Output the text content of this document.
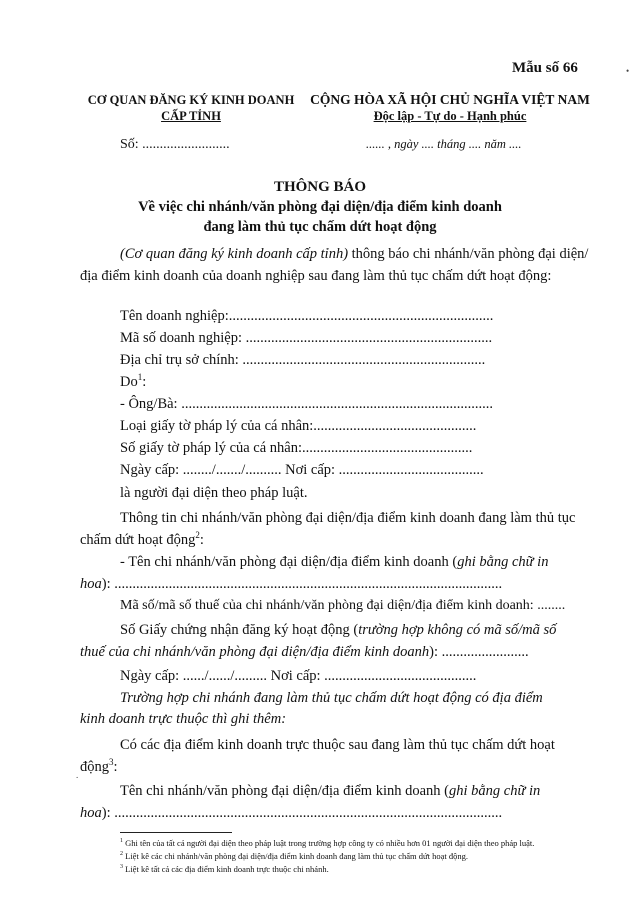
•
.
Mẫu số 66
CƠ QUAN ĐĂNG KÝ KINH DOANH
CẤP TỈNH
CỘNG HÒA XÃ HỘI CHỦ NGHĨA VIỆT NAM
Độc lập - Tự do - Hạnh phúc
Số: .........................	...... , ngày .... tháng .... năm ....
THÔNG BÁO
Về việc chi nhánh/văn phòng đại diện/địa điểm kinh doanh
đang làm thủ tục chấm dứt hoạt động
(Cơ quan đăng ký kinh doanh cấp tỉnh) thông báo chi nhánh/văn phòng đại diện/địa điểm kinh doanh của doanh nghiệp sau đang làm thủ tục chấm dứt hoạt động:
Tên doanh nghiệp:.........................................................................
Mã số doanh nghiệp: ....................................................................
Địa chỉ trụ sở chính: ...................................................................
Do$^1$:
- Ông/Bà: ......................................................................................
Loại giấy tờ pháp lý của cá nhân:.............................................
Số giấy tờ pháp lý của cá nhân:...............................................
Ngày cấp: ......../......./.......... Nơi cấp: ........................................
là người đại diện theo pháp luật.
Thông tin chi nhánh/văn phòng đại diện/địa điểm kinh doanh đang làm thủ tục chấm dứt hoạt động$^2$:
- Tên chi nhánh/văn phòng đại diện/địa điểm kinh doanh (ghi bằng chữ in
hoa): ...........................................................................................................
Mã số/mã số thuế của chi nhánh/văn phòng đại diện/địa điểm kinh doanh: ........
Số Giấy chứng nhận đăng ký hoạt động (trường hợp không có mã số/mã số
thuế của chi nhánh/văn phòng đại diện/địa điểm kinh doanh): ........................
Ngày cấp: ....../....../......... Nơi cấp: ..........................................
Trường hợp chi nhánh đang làm thủ tục chấm dứt hoạt động có địa điểm
kinh doanh trực thuộc thì ghi thêm:
Có các địa điểm kinh doanh trực thuộc sau đang làm thủ tục chấm dứt hoạt
động$^3$:
Tên chi nhánh/văn phòng đại diện/địa điểm kinh doanh (ghi bằng chữ in
hoa): ...........................................................................................................
$^1$ Ghi tên của tất cả người đại diện theo pháp luật trong trường hợp công ty có nhiều hơn 01 người đại diện theo pháp luật.
$^2$ Liệt kê các chi nhánh/văn phòng đại diện/địa điểm kinh doanh đang làm thủ tục chấm dứt hoạt động.
$^3$ Liệt kê tất cả các địa điểm kinh doanh trực thuộc chi nhánh.
